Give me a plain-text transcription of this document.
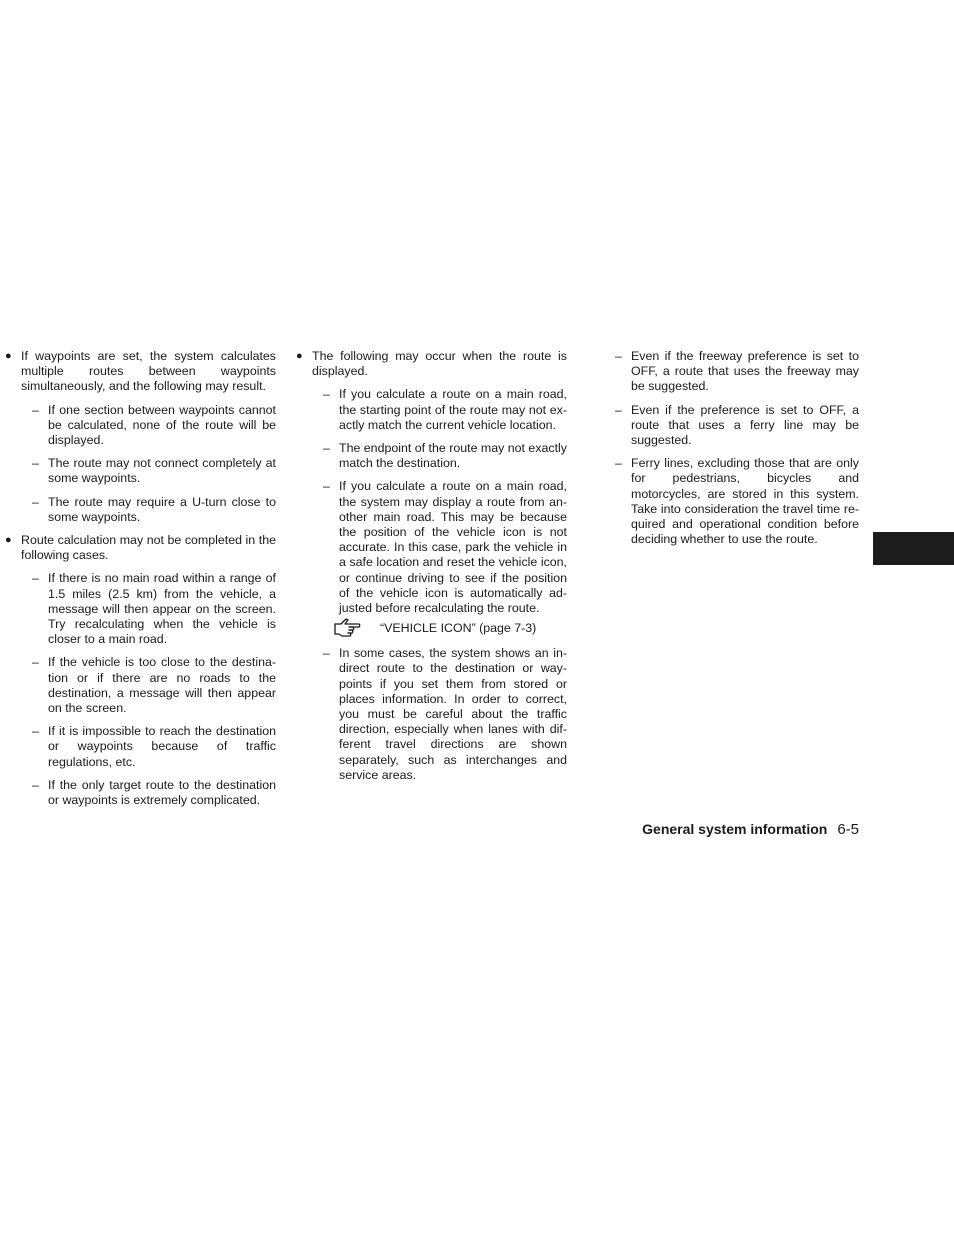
● If waypoints are set, the system calculates multiple routes between waypoints simultaneously, and the following may result.
– If one section between waypoints cannot be calculated, none of the route will be displayed.
– The route may not connect completely at some waypoints.
– The route may require a U-turn close to some waypoints.
● Route calculation may not be completed in the following cases.
– If there is no main road within a range of 1.5 miles (2.5 km) from the vehicle, a message will then appear on the screen. Try recalculating when the vehicle is closer to a main road.
– If the vehicle is too close to the destina- tion or if there are no roads to the destination, a message will then appear on the screen.
– If it is impossible to reach the destination or waypoints because of traffic regulations, etc.
– If the only target route to the destination or waypoints is extremely complicated.
● The following may occur when the route is displayed.
– If you calculate a route on a main road, the starting point of the route may not ex- actly match the current vehicle location.
– The endpoint of the route may not exactly match the destination.
– If you calculate a route on a main road, the system may display a route from an- other main road. This may be because the position of the vehicle icon is not accurate. In this case, park the vehicle in a safe location and reset the vehicle icon, or continue driving to see if the position of the vehicle icon is automatically ad- justed before recalculating the route.
“VEHICLE ICON” (page 7-3)
– In some cases, the system shows an in- direct route to the destination or way- points if you set them from stored or places information. In order to correct, you must be careful about the traffic direction, especially when lanes with dif- ferent travel directions are shown separately, such as interchanges and service areas.
– Even if the freeway preference is set to OFF, a route that uses the freeway may be suggested.
– Even if the preference is set to OFF, a route that uses a ferry line may be suggested.
– Ferry lines, excluding those that are only for pedestrians, bicycles and motorcycles, are stored in this system. Take into consideration the travel time re- quired and operational condition before deciding whether to use the route.
General system information 6-5
